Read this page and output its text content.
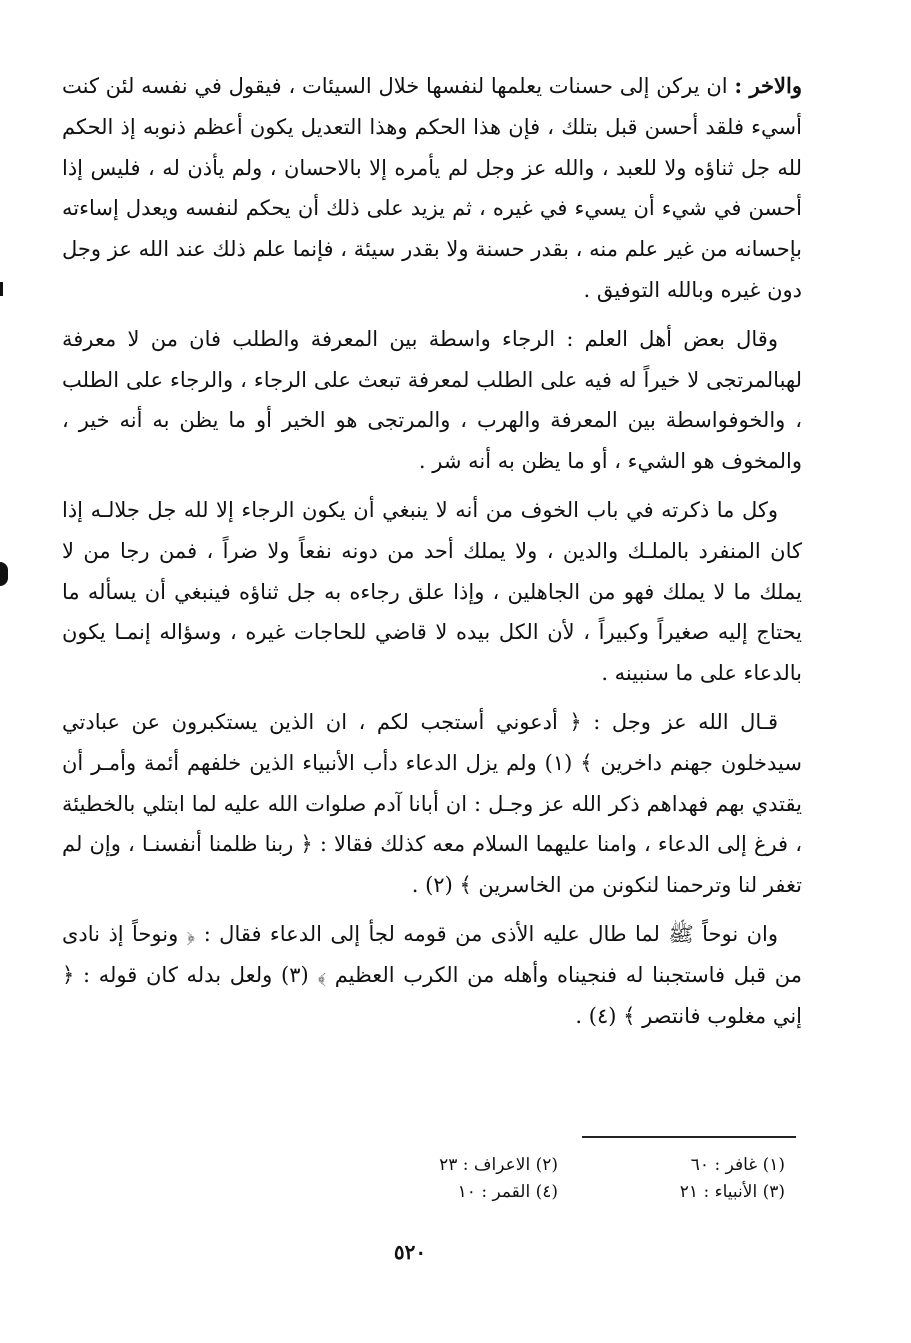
والاخر : ان يركن إلى حسنات يعلمها لنفسها خلال السيئات ، فيقول في نفسه لئن كنت أسيء فلقد أحسن قبل بتلك ، فإن هذا الحكم وهذا التعديل يكون أعظم ذنوبه إذ الحكم لله جل ثناؤه ولا للعبد ، والله عز وجل لم يأمره إلا بالاحسان ، ولم يأذن له ، فليس إذا أحسن في شيء أن يسيء في غيره ، ثم يزيد على ذلك أن يحكم لنفسه ويعدل إساءته بإحسانه من غير علم منه ، بقدر حسنة ولا بقدر سيئة ، فإنما علم ذلك عند الله عز وجل دون غيره وبالله التوفيق .

وقال بعض أهل العلم : الرجاء واسطة بين المعرفة والطلب فان من لا معرفة لهبالمرتجى لا خيراً له فيه على الطلب لمعرفة تبعث على الرجاء ، والرجاء على الطلب ، والخوفواسطة بين المعرفة والهرب ، والمرتجى هو الخير أو ما يظن به أنه خير ، والمخوف هو الشيء ، أو ما يظن به أنه شر .

وكل ما ذكرته في باب الخوف من أنه لا ينبغي أن يكون الرجاء إلا لله جل جلالـه إذا كان المنفرد بالملـك والدين ، ولا يملك أحد من دونه نفعاً ولا ضراً ، فمن رجا من لا يملك ما لا يملك فهو من الجاهلين ، وإذا علق رجاءه به جل ثناؤه فينبغي أن يسأله ما يحتاج إليه صغيراً وكبيراً ، لأن الكل بيده لا قاضي للحاجات غيره ، وسؤاله إنمـا يكون بالدعاء على ما سنبينه .

قـال الله عز وجل : ﴿ أدعوني أستجب لكم ، ان الذين يستكبرون عن عبادتي سيدخلون جهنم داخرين ﴾ (١) ولم يزل الدعاء دأب الأنبياء الذين خلفهم أئمة وأمـر أن يقتدي بهم فهداهم ذكر الله عز وجـل : ان أبانا آدم صلوات الله عليه لما ابتلي بالخطيئة ، فرغ إلى الدعاء ، وامنا عليهما السلام معه كذلك فقالا : ﴿ ربنا ظلمنا أنفسنـا ، وإن لم تغفر لنا وترحمنا لنكونن من الخاسرين ﴾ (٢) .

وان نوحاً ﷺ لما طال عليه الأذى من قومه لجأ إلى الدعاء فقال : ﴿ ونوحاً إذ نادى من قبل فاستجبنا له فنجيناه وأهله من الكرب العظيم ﴾ (٣) ولعل بدله كان قوله : ﴿ إني مغلوب فانتصر ﴾ (٤) .

(١) غافر : ٦٠
(٢) الاعراف : ٢٣
(٣) الأنبياء : ٢١
(٤) القمر : ١٠
٥٢٠
